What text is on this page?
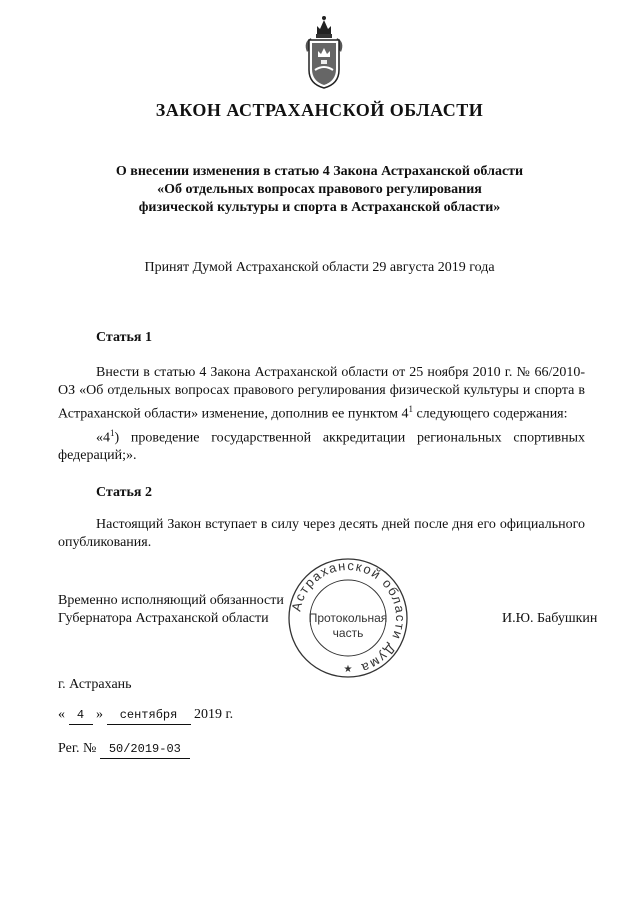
ЗАКОН АСТРАХАНСКОЙ ОБЛАСТИ
О внесении изменения в статью 4 Закона Астраханской области
«Об отдельных вопросах правового регулирования
физической культуры и спорта в Астраханской области»
Принят Думой Астраханской области 29 августа 2019 года
Статья 1

Внести в статью 4 Закона Астраханской области от 25 ноября 2010 г. № 66/2010-ОЗ «Об отдельных вопросах правового регулирования физической культуры и спорта в Астраханской области» изменение, дополнив ее пунктом $4^1$ следующего содержания:

«$4^1$) проведение государственной аккредитации региональных спортивных федераций;».

Статья 2

Настоящий Закон вступает в силу через десять дней после дня его официального опубликования.

Временно исполняющий обязанности
Губернатора Астраханской области	И.Ю. Бабушкин
Астраханской области Дума
★
Протокольная
часть
г. Астрахань
« 4 » сентября 2019 г.
Рег. № 50/2019-03
